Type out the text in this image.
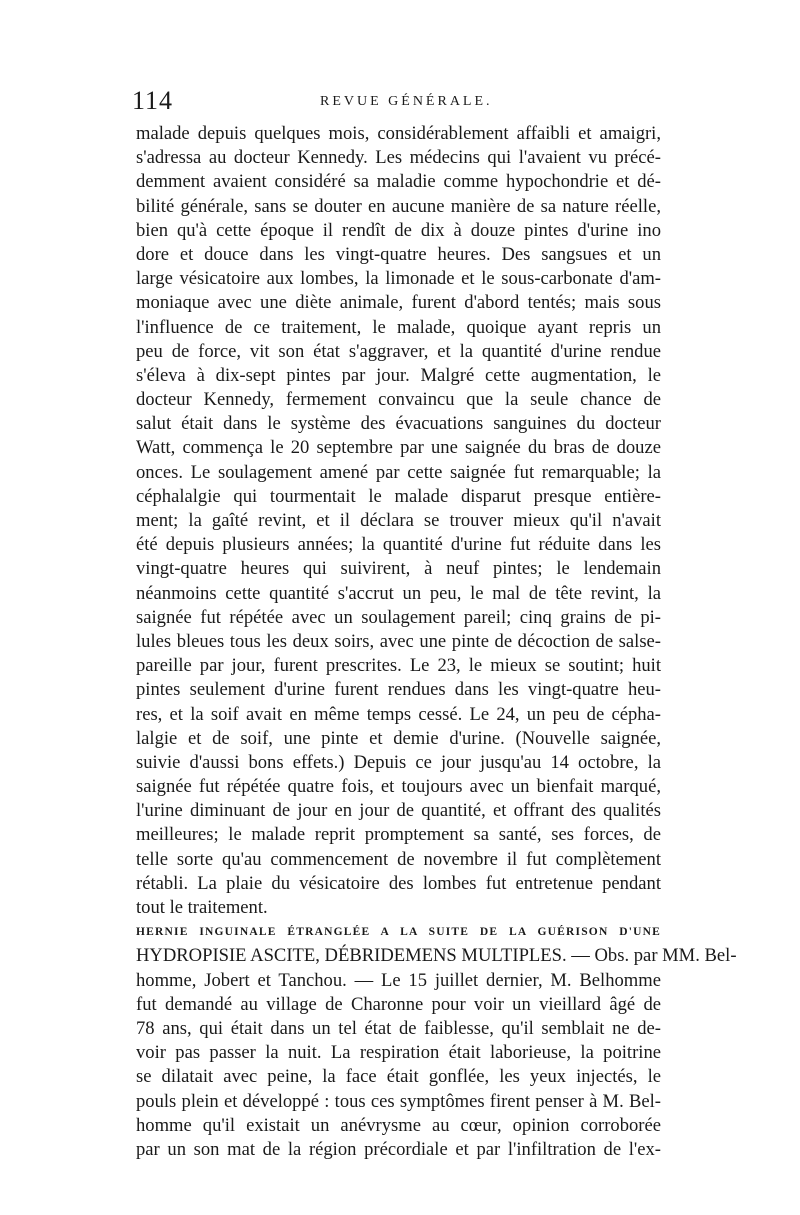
114	REVUE GÉNÉRALE.
malade depuis quelques mois, considérablement affaibli et amaigri,
s'adressa au docteur Kennedy. Les médecins qui l'avaient vu précé-
demment avaient considéré sa maladie comme hypochondrie et dé-
bilité générale, sans se douter en aucune manière de sa nature réelle,
bien qu'à cette époque il rendît de dix à douze pintes d'urine ino
dore et douce dans les vingt-quatre heures. Des sangsues et un
large vésicatoire aux lombes, la limonade et le sous-carbonate d'am-
moniaque avec une diète animale, furent d'abord tentés; mais sous
l'influence de ce traitement, le malade, quoique ayant repris un
peu de force, vit son état s'aggraver, et la quantité d'urine rendue
s'éleva à dix-sept pintes par jour. Malgré cette augmentation, le
docteur Kennedy, fermement convaincu que la seule chance de
salut était dans le système des évacuations sanguines du docteur
Watt, commença le 20 septembre par une saignée du bras de douze
onces. Le soulagement amené par cette saignée fut remarquable; la
céphalalgie qui tourmentait le malade disparut presque entière-
ment; la gaîté revint, et il déclara se trouver mieux qu'il n'avait
été depuis plusieurs années; la quantité d'urine fut réduite dans les
vingt-quatre heures qui suivirent, à neuf pintes; le lendemain
néanmoins cette quantité s'accrut un peu, le mal de tête revint, la
saignée fut répétée avec un soulagement pareil; cinq grains de pi-
lules bleues tous les deux soirs, avec une pinte de décoction de salse-
pareille par jour, furent prescrites. Le 23, le mieux se soutint; huit
pintes seulement d'urine furent rendues dans les vingt-quatre heu-
res, et la soif avait en même temps cessé. Le 24, un peu de cépha-
lalgie et de soif, une pinte et demie d'urine. (Nouvelle saignée,
suivie d'aussi bons effets.) Depuis ce jour jusqu'au 14 octobre, la
saignée fut répétée quatre fois, et toujours avec un bienfait marqué,
l'urine diminuant de jour en jour de quantité, et offrant des qualités
meilleures; le malade reprit promptement sa santé, ses forces, de
telle sorte qu'au commencement de novembre il fut complètement
rétabli. La plaie du vésicatoire des lombes fut entretenue pendant
tout le traitement.
HERNIE INGUINALE ÉTRANGLÉE A LA SUITE DE LA GUÉRISON D'UNE
HYDROPISIE ASCITE, DÉBRIDEMENS MULTIPLES. — Obs. par MM. Bel-
homme, Jobert et Tanchou. — Le 15 juillet dernier, M. Belhomme
fut demandé au village de Charonne pour voir un vieillard âgé de
78 ans, qui était dans un tel état de faiblesse, qu'il semblait ne de-
voir pas passer la nuit. La respiration était laborieuse, la poitrine
se dilatait avec peine, la face était gonflée, les yeux injectés, le
pouls plein et développé : tous ces symptômes firent penser à M. Bel-
homme qu'il existait un anévrysme au cœur, opinion corroborée
par un son mat de la région précordiale et par l'infiltration de l'ex-
